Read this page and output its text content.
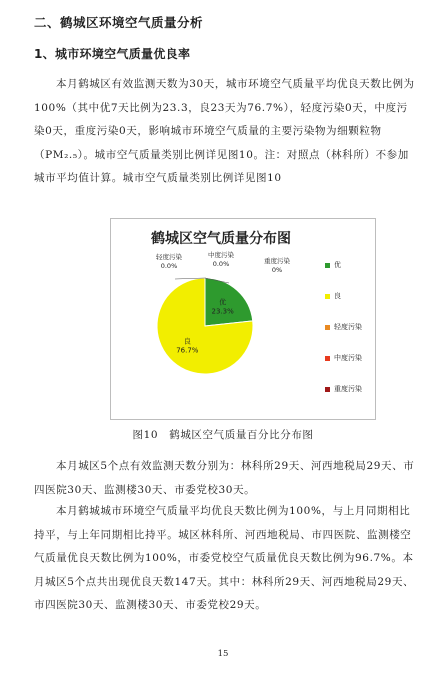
二、鹤城区环境空气质量分析
1、城市环境空气质量优良率

本月鹤城区有效监测天数为30天，城市环境空气质量平均优良天数比例为100%（其中优7天比例为23.3，良23天为76.7%），轻度污染0天，中度污染0天，重度污染0天，影响城市环境空气质量的主要污染物为细颗粒物（PM₂.₅）。城市空气质量类别比例详见图10。注：对照点（林科所）不参加城市平均值计算。城市空气质量类别比例详见图10

鹤城区空气质量分布图
优
23.3%
良
76.7%
轻度污染
0.0%
中度污染
0.0%	重度污染
0%
优
良
轻度污染
中度污染
重度污染
图10　鹤城区空气质量百分比分布图

本月城区5个点有效监测天数分别为：林科所29天、河西地税局29天、市四医院30天、监测楼30天、市委党校30天。

本月鹤城城市环境空气质量平均优良天数比例为100%，与上月同期相比持平，与上年同期相比持平。城区林科所、河西地税局、市四医院、监测楼空气质量优良天数比例为100%，市委党校空气质量优良天数比例为96.7%。本月城区5个点共出现优良天数147天。其中：林科所29天、河西地税局29天、市四医院30天、监测楼30天、市委党校29天。

15
